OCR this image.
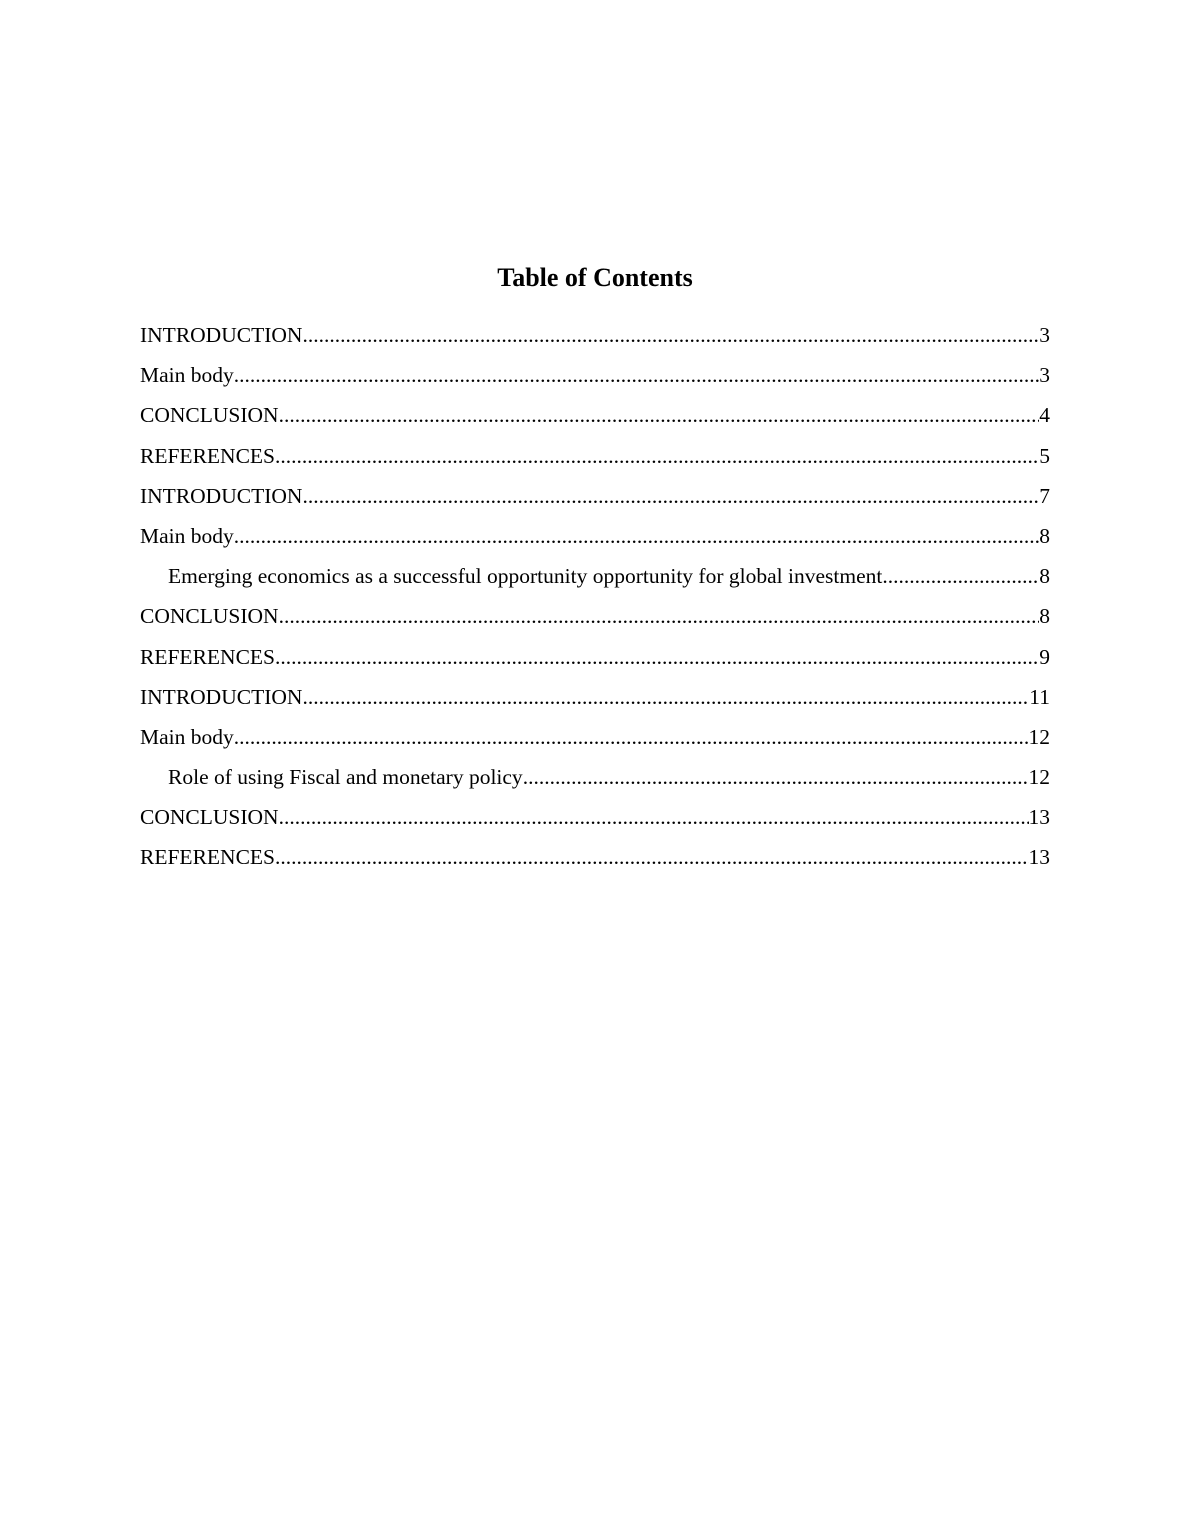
Table of Contents
INTRODUCTION .....	3
Main body .....	3
CONCLUSION .....	4
REFERENCES .....	5
INTRODUCTION .....	7
Main body .....	8
Emerging economics as a successful opportunity opportunity for global investment .....	8
CONCLUSION .....	8
REFERENCES .....	9
INTRODUCTION .....	11
Main body .....	12
Role of using Fiscal and monetary policy .....	12
CONCLUSION .....	13
REFERENCES .....	13
